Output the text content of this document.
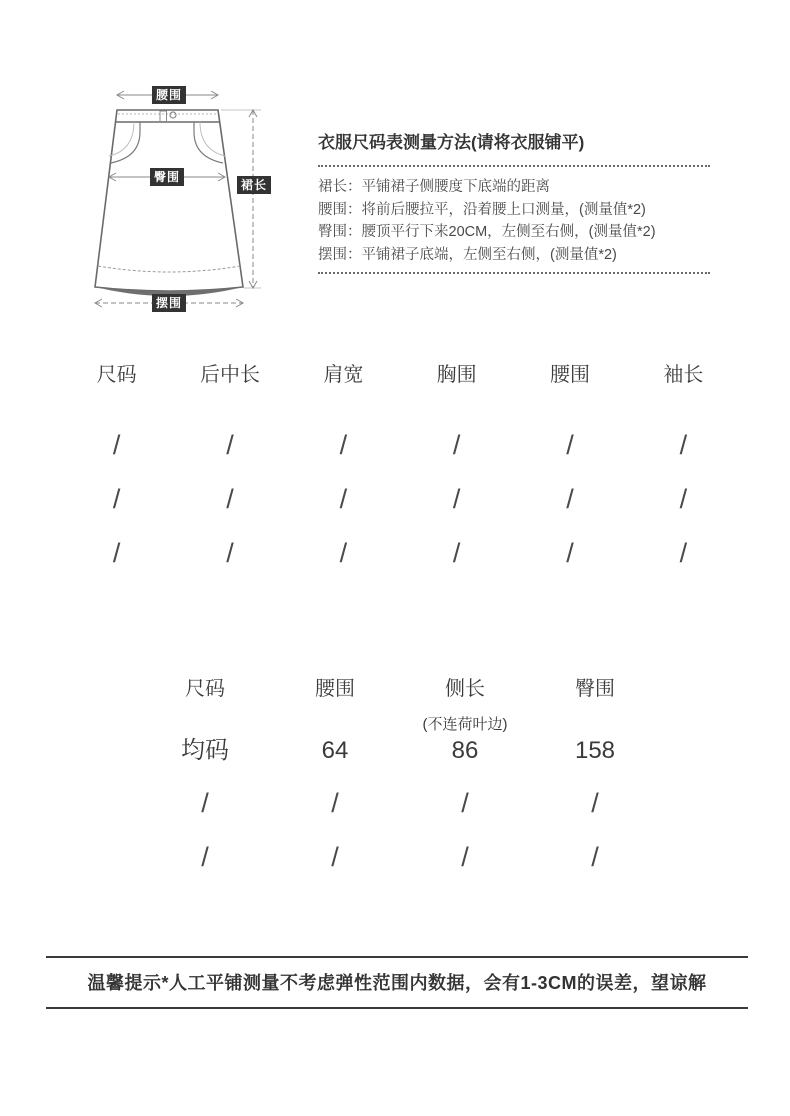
腰围
臀围
裙长
摆围
衣服尺码表测量方法(请将衣服铺平)
裙长：平铺裙子侧腰度下底端的距离
腰围：将前后腰拉平，沿着腰上口测量，(测量值*2)
臀围：腰顶平行下来20CM，左侧至右侧，(测量值*2)
摆围：平铺裙子底端，左侧至右侧，(测量值*2)
尺码	后中长	肩宽	胸围	腰围	袖长
/	/	/	/	/	/
/	/	/	/	/	/
/	/	/	/	/	/
尺码	腰围	侧长	臀围
(不连荷叶边)
均码	64	86	158
/	/	/	/
/	/	/	/
温馨提示*人工平铺测量不考虑弹性范围内数据，会有1-3CM的误差，望谅解
